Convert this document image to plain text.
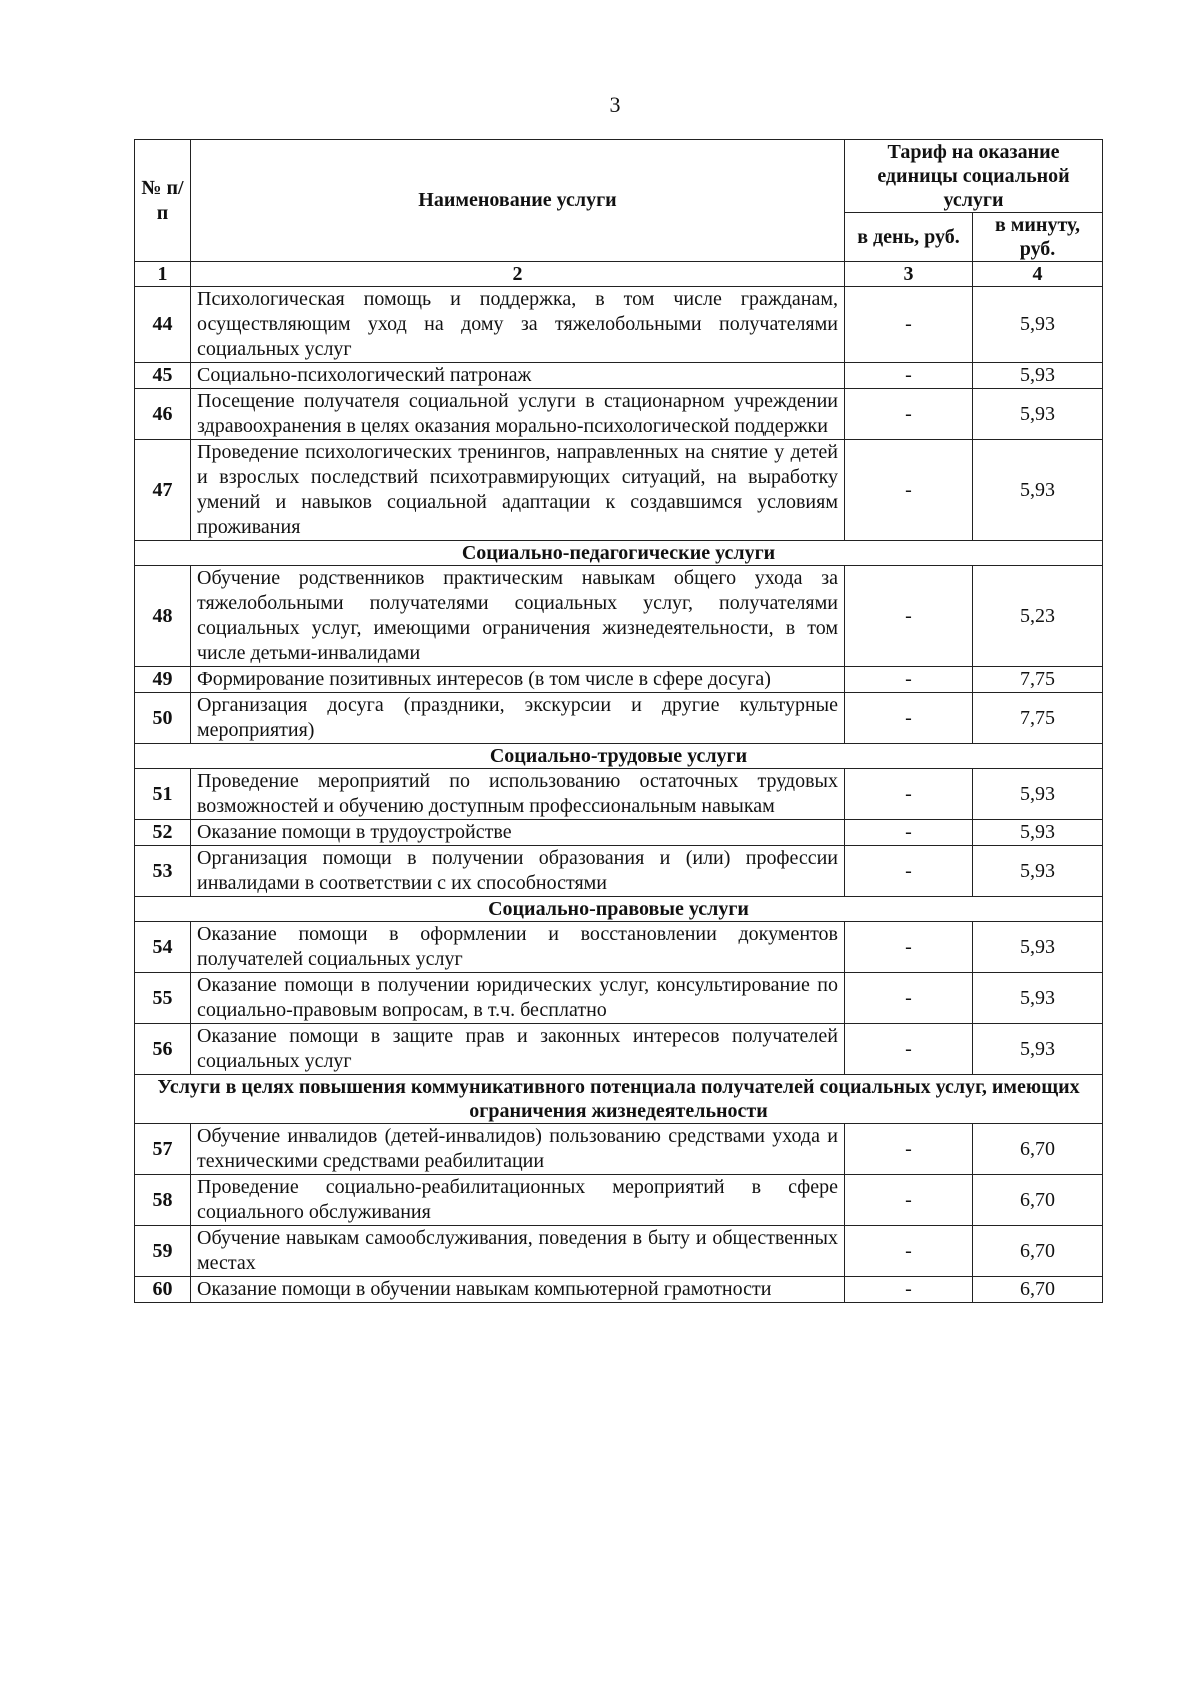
3
№ п/п	Наименование услуги	Тариф на оказание единицы социальной услуги	
		в день, руб.	в минуту, руб.
1	2	3	4
44	Психологическая помощь и поддержка, в том числе гражданам, осуществляющим уход на дому за тяжелобольными получателями социальных услуг	-	5,93
45	Социально-психологический патронаж	-	5,93
46	Посещение получателя социальной услуги в стационарном учреждении здравоохранения в целях оказания морально-психологической поддержки	-	5,93
47	Проведение психологических тренингов, направленных на снятие у детей и взрослых последствий психотравмирующих ситуаций, на выработку умений и навыков социальной адаптации к создавшимся условиям проживания	-	5,93
Социально-педагогические услуги			
48	Обучение родственников практическим навыкам общего ухода за тяжелобольными получателями социальных услуг, получателями социальных услуг, имеющими ограничения жизнедеятельности, в том числе детьми-инвалидами	-	5,23
49	Формирование позитивных интересов (в том числе в сфере досуга)	-	7,75
50	Организация досуга (праздники, экскурсии и другие культурные мероприятия)	-	7,75
Социально-трудовые услуги			
51	Проведение мероприятий по использованию остаточных трудовых возможностей и обучению доступным профессиональным навыкам	-	5,93
52	Оказание помощи в трудоустройстве	-	5,93
53	Организация помощи в получении образования и (или) профессии инвалидами в соответствии с их способностями	-	5,93
Социально-правовые услуги			
54	Оказание помощи в оформлении и восстановлении документов получателей социальных услуг	-	5,93
55	Оказание помощи в получении юридических услуг, консультирование по социально-правовым вопросам, в т.ч. бесплатно	-	5,93
56	Оказание помощи в защите прав и законных интересов получателей социальных услуг	-	5,93
Услуги в целях повышения коммуникативного потенциала получателей социальных услуг, имеющих ограничения жизнедеятельности			
57	Обучение инвалидов (детей-инвалидов) пользованию средствами ухода и техническими средствами реабилитации	-	6,70
58	Проведение социально-реабилитационных мероприятий в сфере социального обслуживания	-	6,70
59	Обучение навыкам самообслуживания, поведения в быту и общественных местах	-	6,70
60	Оказание помощи в обучении навыкам компьютерной грамотности	-	6,70
